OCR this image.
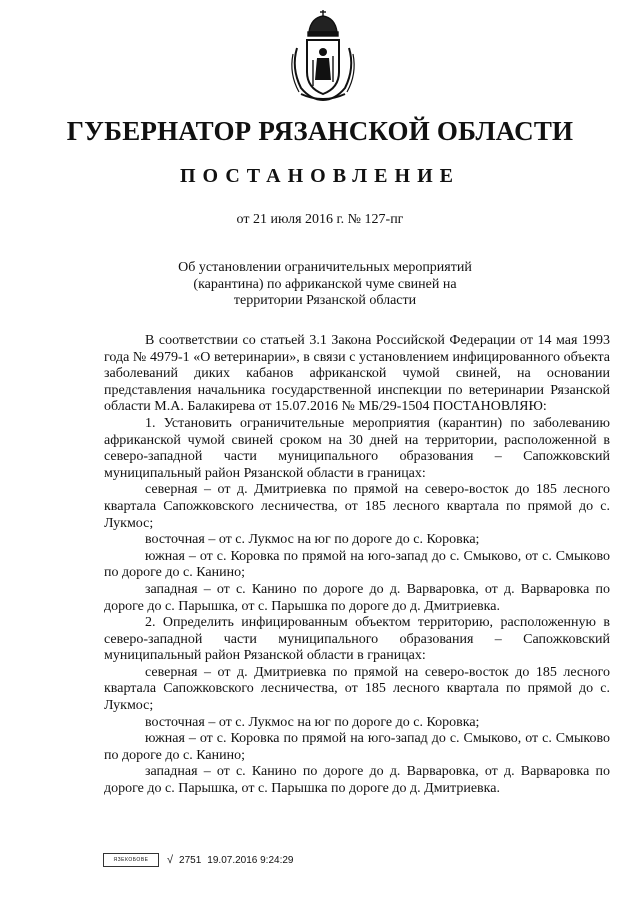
ГУБЕРНАТОР РЯЗАНСКОЙ ОБЛАСТИ
ПОСТАНОВЛЕНИЕ
от 21 июля 2016 г. № 127-пг
Об установлении ограничительных мероприятий (карантина) по африканской чуме свиней на территории Рязанской области

В соответствии со статьей 3.1 Закона Российской Федерации от 14 мая 1993 года № 4979-1 «О ветеринарии», в связи с установлением инфицированного объекта заболеваний диких кабанов африканской чумой свиней, на основании представления начальника государственной инспекции по ветеринарии Рязанской области М.А. Балакирева от 15.07.2016 № МБ/29-1504 ПОСТАНОВЛЯЮ:

1. Установить ограничительные мероприятия (карантин) по заболеванию африканской чумой свиней сроком на 30 дней на территории, расположенной в северо-западной части муниципального образования – Сапожковский муниципальный район Рязанской области в границах:

северная – от д. Дмитриевка по прямой на северо-восток до 185 лесного квартала Сапожковского лесничества, от 185 лесного квартала по прямой до с. Лукмос;

восточная – от с. Лукмос на юг по дороге до с. Коровка;

южная – от с. Коровка по прямой на юго-запад до с. Смыково, от с. Смыково по дороге до с. Канино;

западная – от с. Канино по дороге до д. Варваровка, от д. Варваровка по дороге до с. Парышка, от с. Парышка по дороге до д. Дмитриевка.

2. Определить инфицированным объектом территорию, расположенную в северо-западной части муниципального образования – Сапожковский муниципальный район Рязанской области в границах:

северная – от д. Дмитриевка по прямой на северо-восток до 185 лесного квартала Сапожковского лесничества, от 185 лесного квартала по прямой до с. Лукмос;

восточная – от с. Лукмос на юг по дороге до с. Коровка;

южная – от с. Коровка по прямой на юго-запад до с. Смыково, от с. Смыково по дороге до с. Канино;

западная – от с. Канино по дороге до д. Варваровка, от д. Варваровка по дороге до с. Парышка, от с. Парышка по дороге до д. Дмитриевка.

ЯЗЕКОБОВЕ	√ 2751 19.07.2016 9:24:29
